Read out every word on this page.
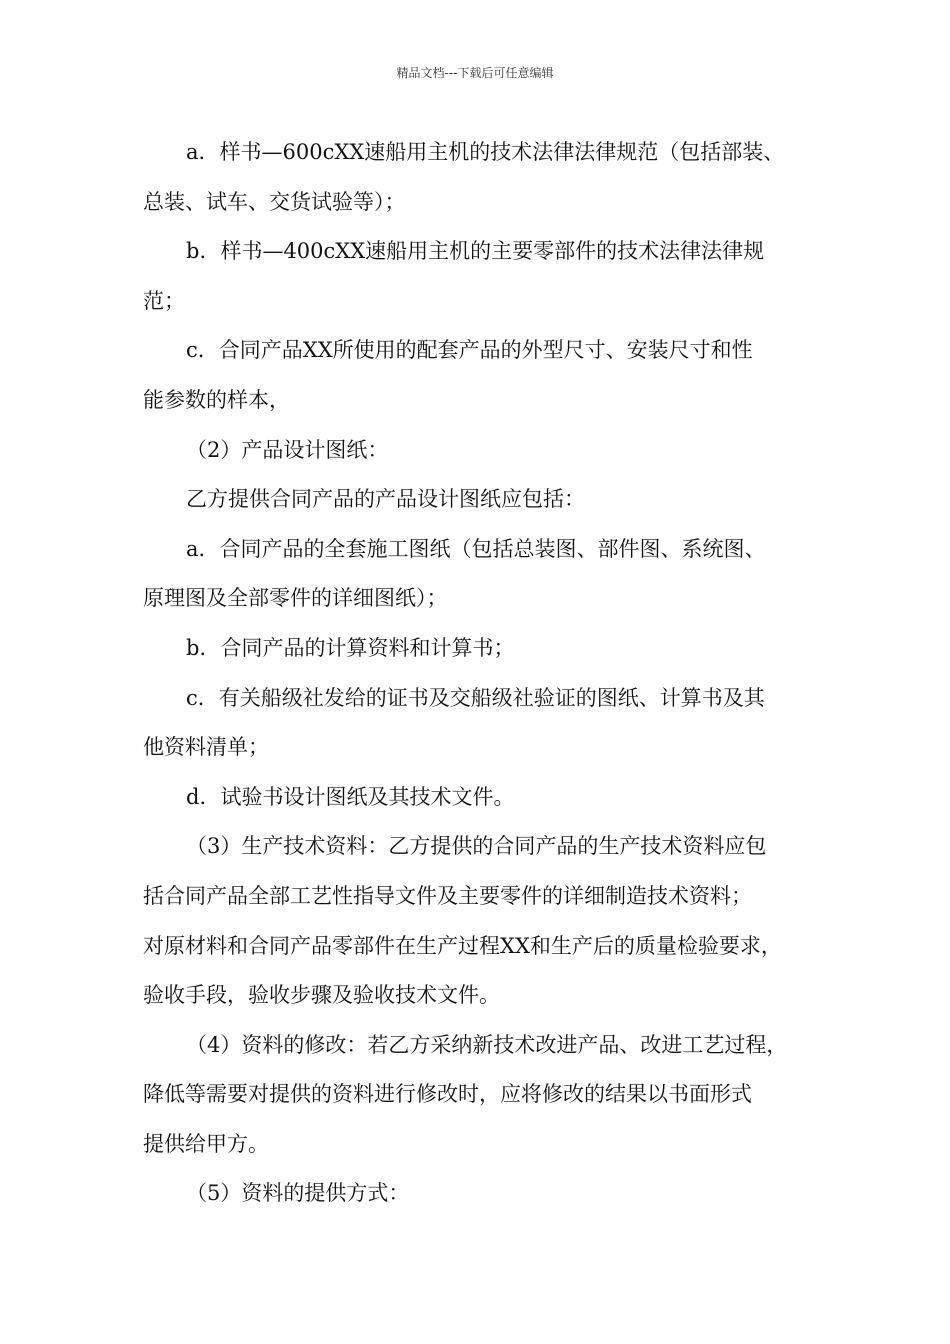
精品文档---下载后可任意编辑

a．样书—600cXX速船用主机的技术法律法律规范（包括部装、
总装、试车、交货试验等）；

b．样书—400cXX速船用主机的主要零部件的技术法律法律规
范；

c．合同产品XX所使用的配套产品的外型尺寸、安装尺寸和性
能参数的样本，

（2）产品设计图纸：

乙方提供合同产品的产品设计图纸应包括：

a．合同产品的全套施工图纸（包括总装图、部件图、系统图、
原理图及全部零件的详细图纸）；

b．合同产品的计算资料和计算书；

c．有关船级社发给的证书及交船级社验证的图纸、计算书及其
他资料清单；

d．试验书设计图纸及其技术文件。

（3）生产技术资料：乙方提供的合同产品的生产技术资料应包
括合同产品全部工艺性指导文件及主要零件的详细制造技术资料；
对原材料和合同产品零部件在生产过程XX和生产后的质量检验要求，
验收手段，验收步骤及验收技术文件。

（4）资料的修改：若乙方采纳新技术改进产品、改进工艺过程，
降低等需要对提供的资料进行修改时，应将修改的结果以书面形式
提供给甲方。

（5）资料的提供方式：
